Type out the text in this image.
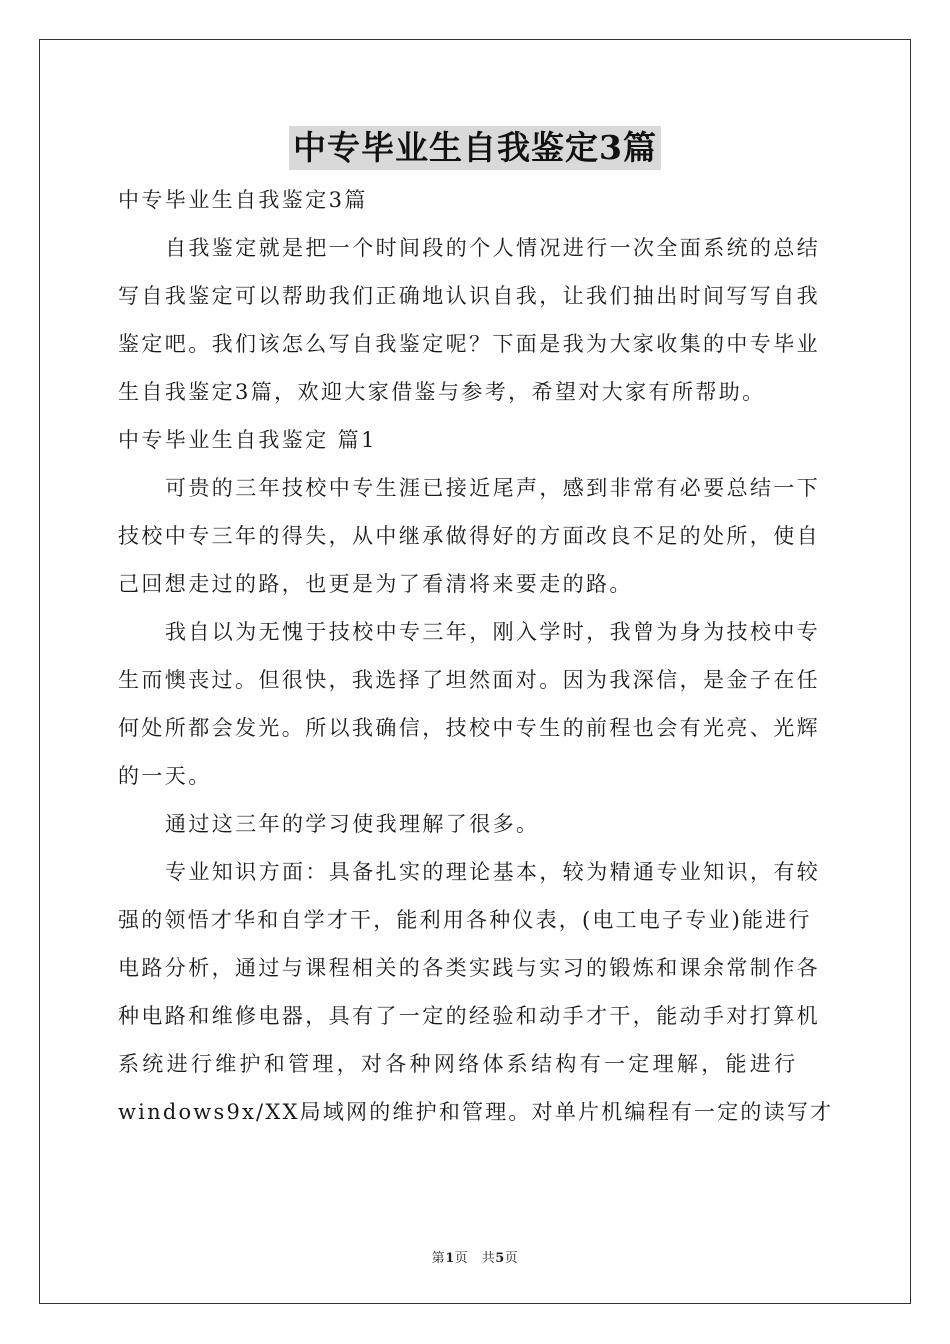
中专毕业生自我鉴定3篇
中专毕业生自我鉴定3篇
自我鉴定就是把一个时间段的个人情况进行一次全面系统的总结
写自我鉴定可以帮助我们正确地认识自我，让我们抽出时间写写自我
鉴定吧。我们该怎么写自我鉴定呢？下面是我为大家收集的中专毕业
生自我鉴定3篇，欢迎大家借鉴与参考，希望对大家有所帮助。
中专毕业生自我鉴定 篇1
可贵的三年技校中专生涯已接近尾声，感到非常有必要总结一下
技校中专三年的得失，从中继承做得好的方面改良不足的处所，使自
己回想走过的路，也更是为了看清将来要走的路。
我自以为无愧于技校中专三年，刚入学时，我曾为身为技校中专
生而懊丧过。但很快，我选择了坦然面对。因为我深信，是金子在任
何处所都会发光。所以我确信，技校中专生的前程也会有光亮、光辉
的一天。
通过这三年的学习使我理解了很多。
专业知识方面：具备扎实的理论基本，较为精通专业知识，有较
强的领悟才华和自学才干，能利用各种仪表，(电工电子专业)能进行
电路分析，通过与课程相关的各类实践与实习的锻炼和课余常制作各
种电路和维修电器，具有了一定的经验和动手才干，能动手对打算机
系统进行维护和管理，对各种网络体系结构有一定理解，能进行
windows9x/XX局域网的维护和管理。对单片机编程有一定的读写才
第1页　共5页
